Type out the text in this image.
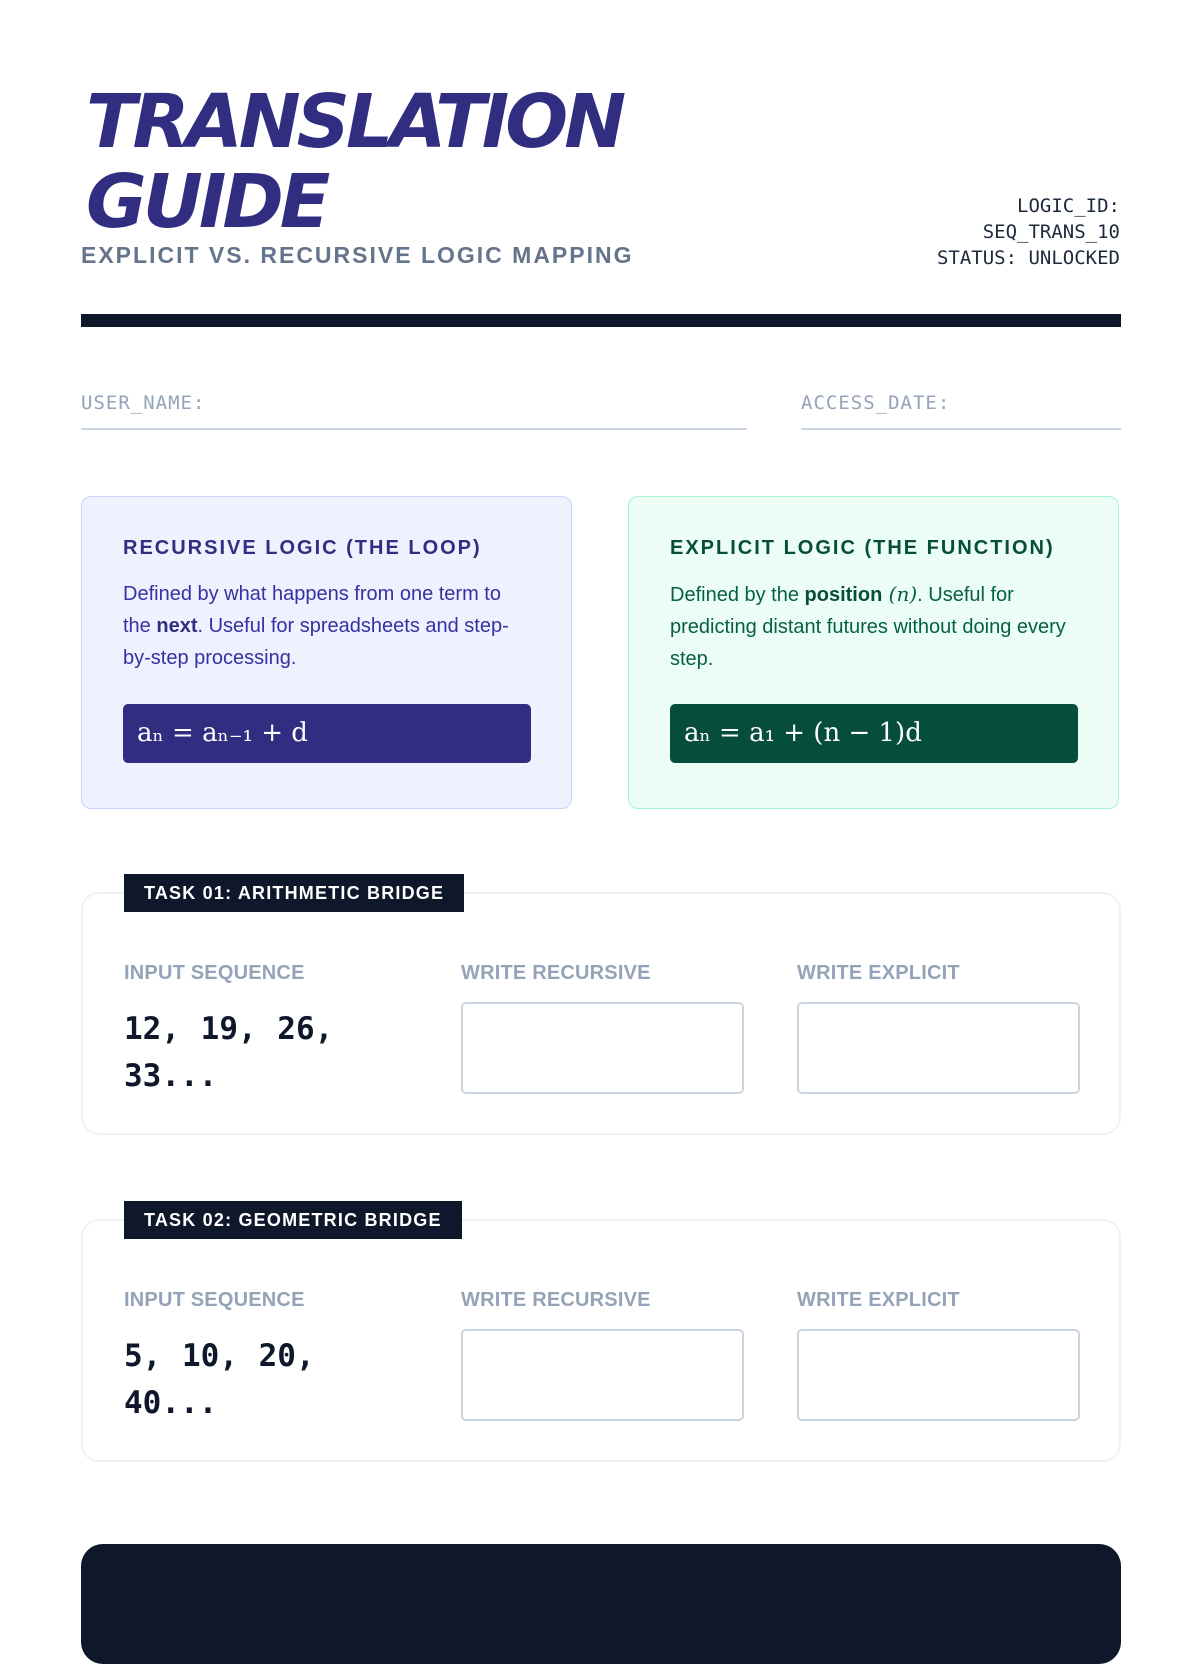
TRANSLATION
GUIDE
EXPLICIT VS. RECURSIVE LOGIC MAPPING
LOGIC_ID:
SEQ_TRANS_10
STATUS: UNLOCKED
USER_NAME:	ACCESS_DATE:
RECURSIVE LOGIC (THE LOOP)

Defined by what happens from one term to the next. Useful for spreadsheets and step-by-step processing.

aₙ = aₙ₋₁ + d
EXPLICIT LOGIC (THE FUNCTION)

Defined by the position (n). Useful for predicting distant futures without doing every step.

aₙ = a₁ + (n − 1)d
TASK 01: ARITHMETIC BRIDGE
INPUT SEQUENCE	WRITE RECURSIVE	WRITE EXPLICIT
12, 19, 26, 33...
TASK 02: GEOMETRIC BRIDGE
INPUT SEQUENCE	WRITE RECURSIVE	WRITE EXPLICIT
5, 10, 20, 40...
